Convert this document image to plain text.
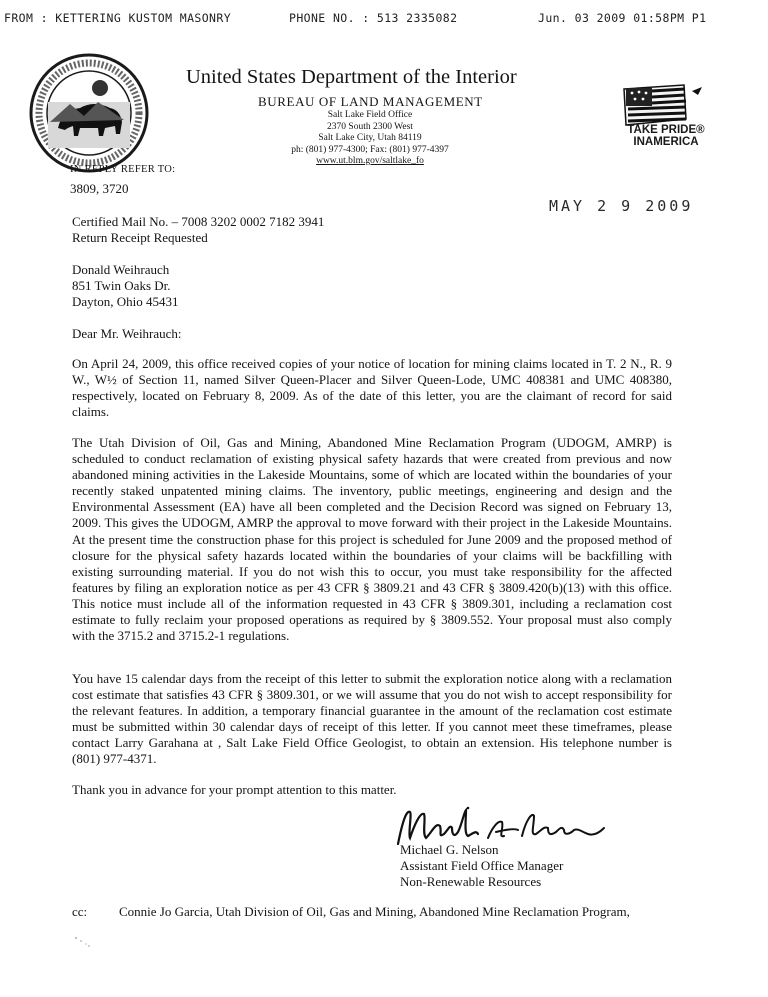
FROM : KETTERING KUSTOM MASONRY	PHONE NO. : 513 2335082	Jun. 03 2009 01:58PM P1
United States Department of the Interior
BUREAU OF LAND MANAGEMENT
Salt Lake Field Office
2370 South 2300 West
Salt Lake City, Utah 84119
ph: (801) 977-4300; Fax: (801) 977-4397
www.ut.blm.gov/saltlake_fo
TAKE PRIDE®
INAMERICA
IN REPLY REFER TO:
3809, 3720
MAY 2 9 2009
Certified Mail No. – 7008 3202 0002 7182 3941
Return Receipt Requested
Donald Weihrauch
851 Twin Oaks Dr.
Dayton, Ohio 45431
Dear Mr. Weihrauch:
On April 24, 2009, this office received copies of your notice of location for mining claims located in T. 2 N., R. 9 W., W½ of Section 11, named Silver Queen-Placer and Silver Queen-Lode, UMC 408381 and UMC 408380, respectively, located on February 8, 2009. As of the date of this letter, you are the claimant of record for said claims.
The Utah Division of Oil, Gas and Mining, Abandoned Mine Reclamation Program (UDOGM, AMRP) is scheduled to conduct reclamation of existing physical safety hazards that were created from previous and now abandoned mining activities in the Lakeside Mountains, some of which are located within the boundaries of your recently staked unpatented mining claims. The inventory, public meetings, engineering and design and the Environmental Assessment (EA) have all been completed and the Decision Record was signed on February 13, 2009. This gives the UDOGM, AMRP the approval to move forward with their project in the Lakeside Mountains. At the present time the construction phase for this project is scheduled for June 2009 and the proposed method of closure for the physical safety hazards located within the boundaries of your claims will be backfilling with existing surrounding material. If you do not wish this to occur, you must take responsibility for the affected features by filing an exploration notice as per 43 CFR § 3809.21 and 43 CFR § 3809.420(b)(13) with this office. This notice must include all of the information requested in 43 CFR § 3809.301, including a reclamation cost estimate to fully reclaim your proposed operations as required by § 3809.552. Your proposal must also comply with the 3715.2 and 3715.2-1 regulations.
You have 15 calendar days from the receipt of this letter to submit the exploration notice along with a reclamation cost estimate that satisfies 43 CFR § 3809.301, or we will assume that you do not wish to accept responsibility for the relevant features. In addition, a temporary financial guarantee in the amount of the reclamation cost estimate must be submitted within 30 calendar days of receipt of this letter. If you cannot meet these timeframes, please contact Larry Garahana at , Salt Lake Field Office Geologist, to obtain an extension. His telephone number is (801) 977-4371.
Thank you in advance for your prompt attention to this matter.
Michael G. Nelson
Assistant Field Office Manager
Non-Renewable Resources
cc: Connie Jo Garcia, Utah Division of Oil, Gas and Mining, Abandoned Mine Reclamation Program,
